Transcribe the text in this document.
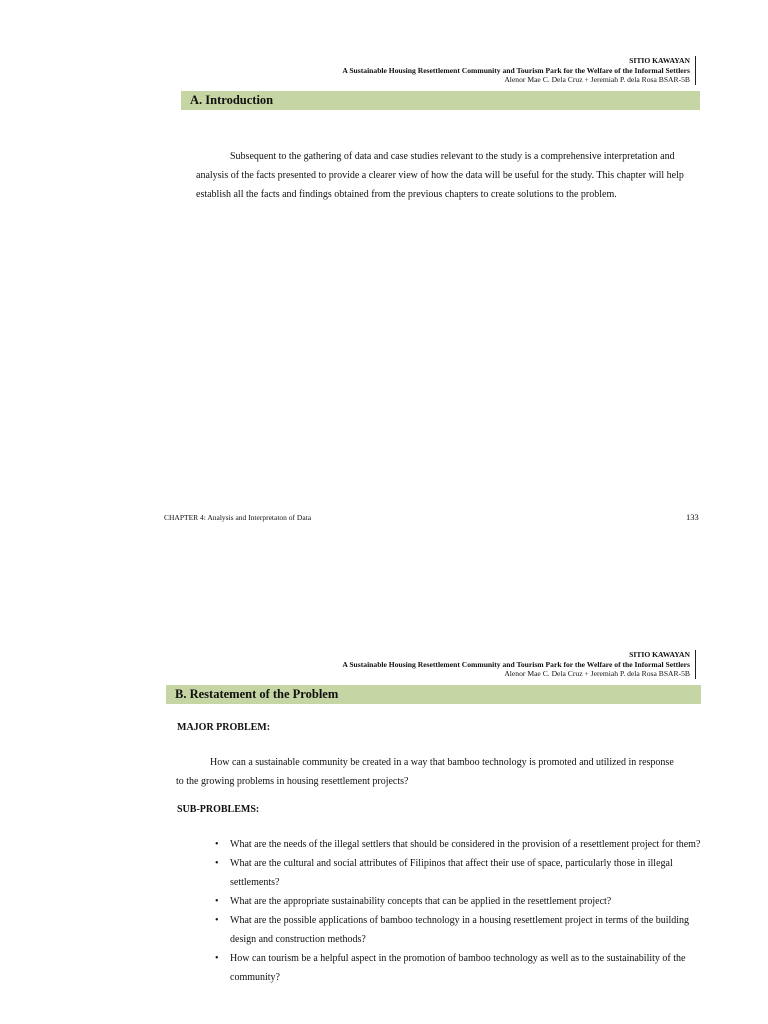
SITIO KAWAYAN
A Sustainable Housing Resettlement Community and Tourism Park for the Welfare of the Informal Settlers
Alenor Mae C. Dela Cruz + Jeremiah P. dela Rosa BSAR-5B
A. Introduction

Subsequent to the gathering of data and case studies relevant to the study is a comprehensive interpretation and analysis of the facts presented to provide a clearer view of how the data will be useful for the study. This chapter will help establish all the facts and findings obtained from the previous chapters to create solutions to the problem.

CHAPTER 4: Analysis and Interpretaton of Data	133
SITIO KAWAYAN
A Sustainable Housing Resettlement Community and Tourism Park for the Welfare of the Informal Settlers
Alenor Mae C. Dela Cruz + Jeremiah P. dela Rosa BSAR-5B
B. Restatement of the Problem

MAJOR PROBLEM:

How can a sustainable community be created in a way that bamboo technology is promoted and utilized in response to the growing problems in housing resettlement projects?

SUB-PROBLEMS:

• What are the needs of the illegal settlers that should be considered in the provision of a resettlement project for them?
• What are the cultural and social attributes of Filipinos that affect their use of space, particularly those in illegal settlements?
• What are the appropriate sustainability concepts that can be applied in the resettlement project?
• What are the possible applications of bamboo technology in a housing resettlement project in terms of the building design and construction methods?
• How can tourism be a helpful aspect in the promotion of bamboo technology as well as to the sustainability of the community?
